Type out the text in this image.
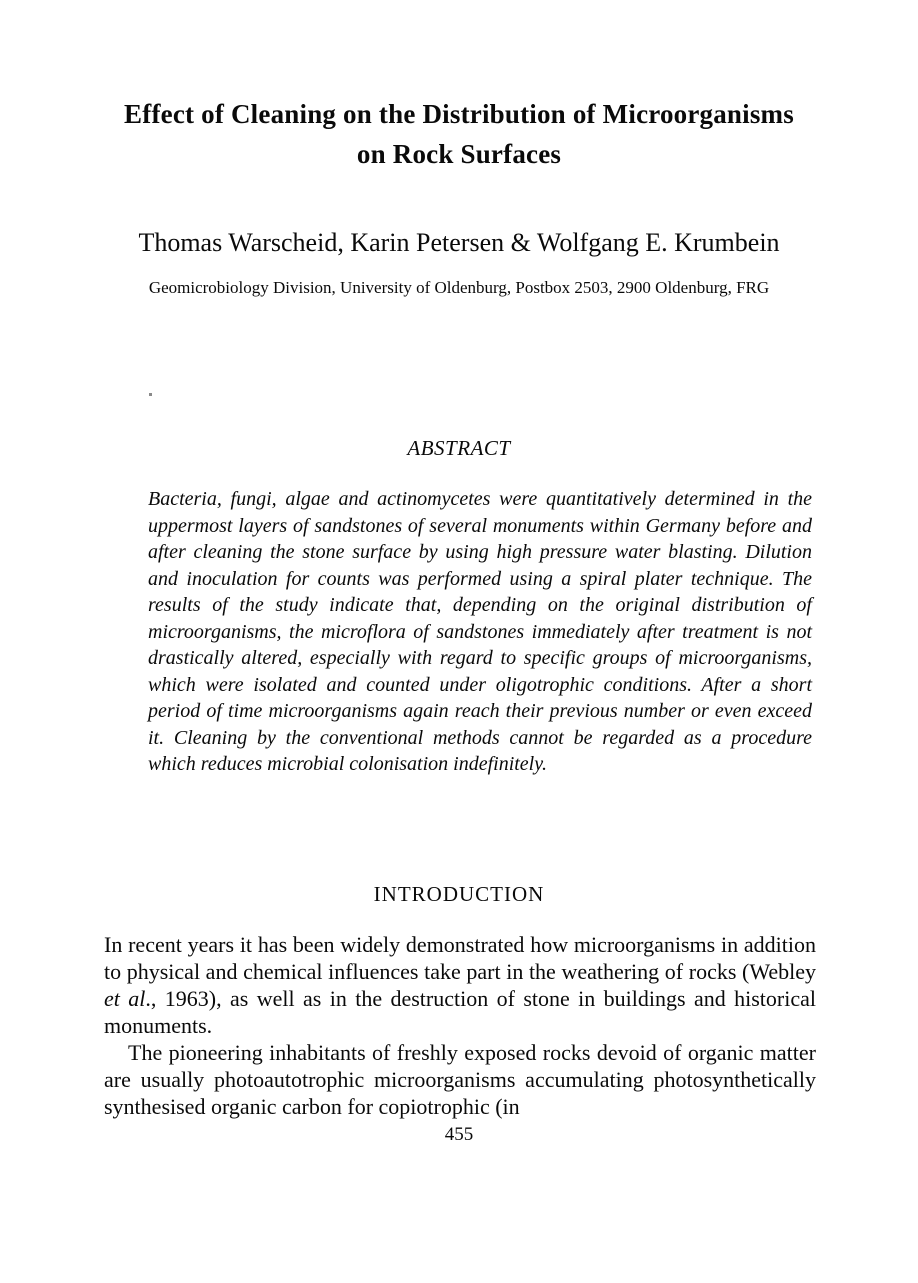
Effect of Cleaning on the Distribution of Microorganisms
on Rock Surfaces
Thomas Warscheid, Karin Petersen & Wolfgang E. Krumbein
Geomicrobiology Division, University of Oldenburg, Postbox 2503, 2900 Oldenburg, FRG
ABSTRACT
Bacteria, fungi, algae and actinomycetes were quantitatively determined in the uppermost layers of sandstones of several monuments within Germany before and after cleaning the stone surface by using high pressure water blasting. Dilution and inoculation for counts was performed using a spiral plater technique. The results of the study indicate that, depending on the original distribution of microorganisms, the microflora of sandstones immediately after treatment is not drastically altered, especially with regard to specific groups of microorganisms, which were isolated and counted under oligotrophic conditions. After a short period of time microorganisms again reach their previous number or even exceed it. Cleaning by the conventional methods cannot be regarded as a procedure which reduces microbial colonisation indefinitely.
INTRODUCTION

In recent years it has been widely demonstrated how microorganisms in addition to physical and chemical influences take part in the weathering of rocks (Webley et al., 1963), as well as in the destruction of stone in buildings and historical monuments.

The pioneering inhabitants of freshly exposed rocks devoid of organic matter are usually photoautotrophic microorganisms accumulating photosynthetically synthesised organic carbon for copiotrophic (in

455
